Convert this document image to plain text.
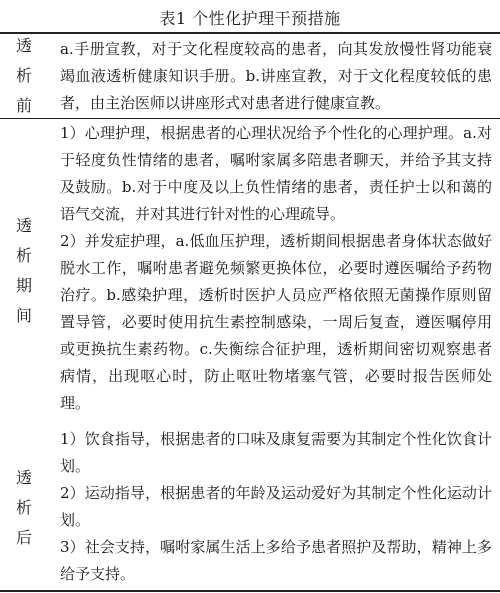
表1 个性化护理干预措施
透
析
前

a.手册宣教，对于文化程度较高的患者，向其发放慢性肾功能衰竭血液透析健康知识手册。b.讲座宣教，对于文化程度较低的患者，由主治医师以讲座形式对患者进行健康宣教。

透
析
期
间

1）心理护理，根据患者的心理状况给予个性化的心理护理。a.对于轻度负性情绪的患者，嘱咐家属多陪患者聊天，并给予其支持及鼓励。b.对于中度及以上负性情绪的患者，责任护士以和蔼的语气交流，并对其进行针对性的心理疏导。

2）并发症护理，a.低血压护理，透析期间根据患者身体状态做好脱水工作，嘱咐患者避免频繁更换体位，必要时遵医嘱给予药物治疗。b.感染护理，透析时医护人员应严格依照无菌操作原则留置导管，必要时使用抗生素控制感染，一周后复查，遵医嘱停用或更换抗生素药物。c.失衡综合征护理，透析期间密切观察患者病情，出现呕心时，防止呕吐物堵塞气管，必要时报告医师处理。

透
析
后

1）饮食指导，根据患者的口味及康复需要为其制定个性化饮食计划。

2）运动指导，根据患者的年龄及运动爱好为其制定个性化运动计划。

3）社会支持，嘱咐家属生活上多给予患者照护及帮助，精神上多给予支持。
